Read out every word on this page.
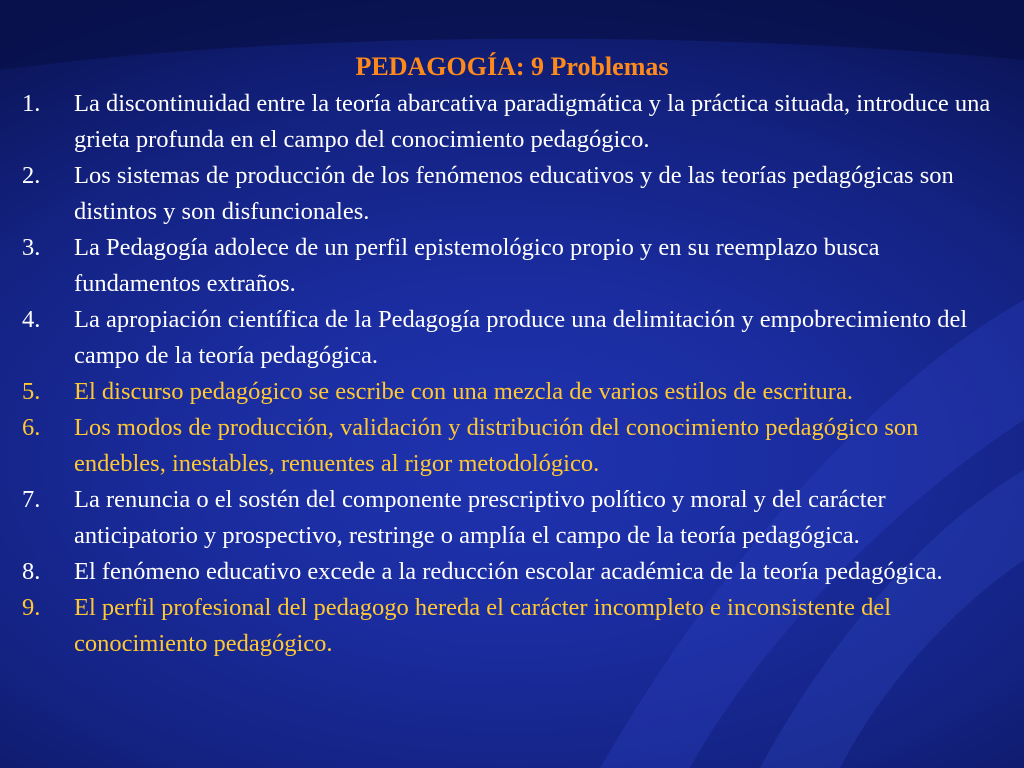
PEDAGOGÍA: 9 Problemas
1. La discontinuidad entre la teoría abarcativa paradigmática y la práctica situada, introduce una grieta profunda en el campo del conocimiento pedagógico.
2. Los sistemas de producción de los fenómenos educativos y de las teorías pedagógicas son distintos y son disfuncionales.
3. La Pedagogía adolece de un perfil epistemológico propio y en su reemplazo busca fundamentos extraños.
4. La apropiación científica de la Pedagogía produce una delimitación y empobrecimiento del campo de la teoría pedagógica.
5. El discurso pedagógico se escribe con una mezcla de varios estilos de escritura.
6. Los modos de producción, validación y distribución del conocimiento pedagógico son endebles, inestables, renuentes al rigor metodológico.
7. La renuncia o el sostén del componente prescriptivo político y moral y del carácter anticipatorio y prospectivo, restringe o amplía el campo de la teoría pedagógica.
8. El fenómeno educativo excede a la reducción escolar académica de la teoría pedagógica.
9. El perfil profesional del pedagogo hereda el carácter incompleto e inconsistente del conocimiento pedagógico.
